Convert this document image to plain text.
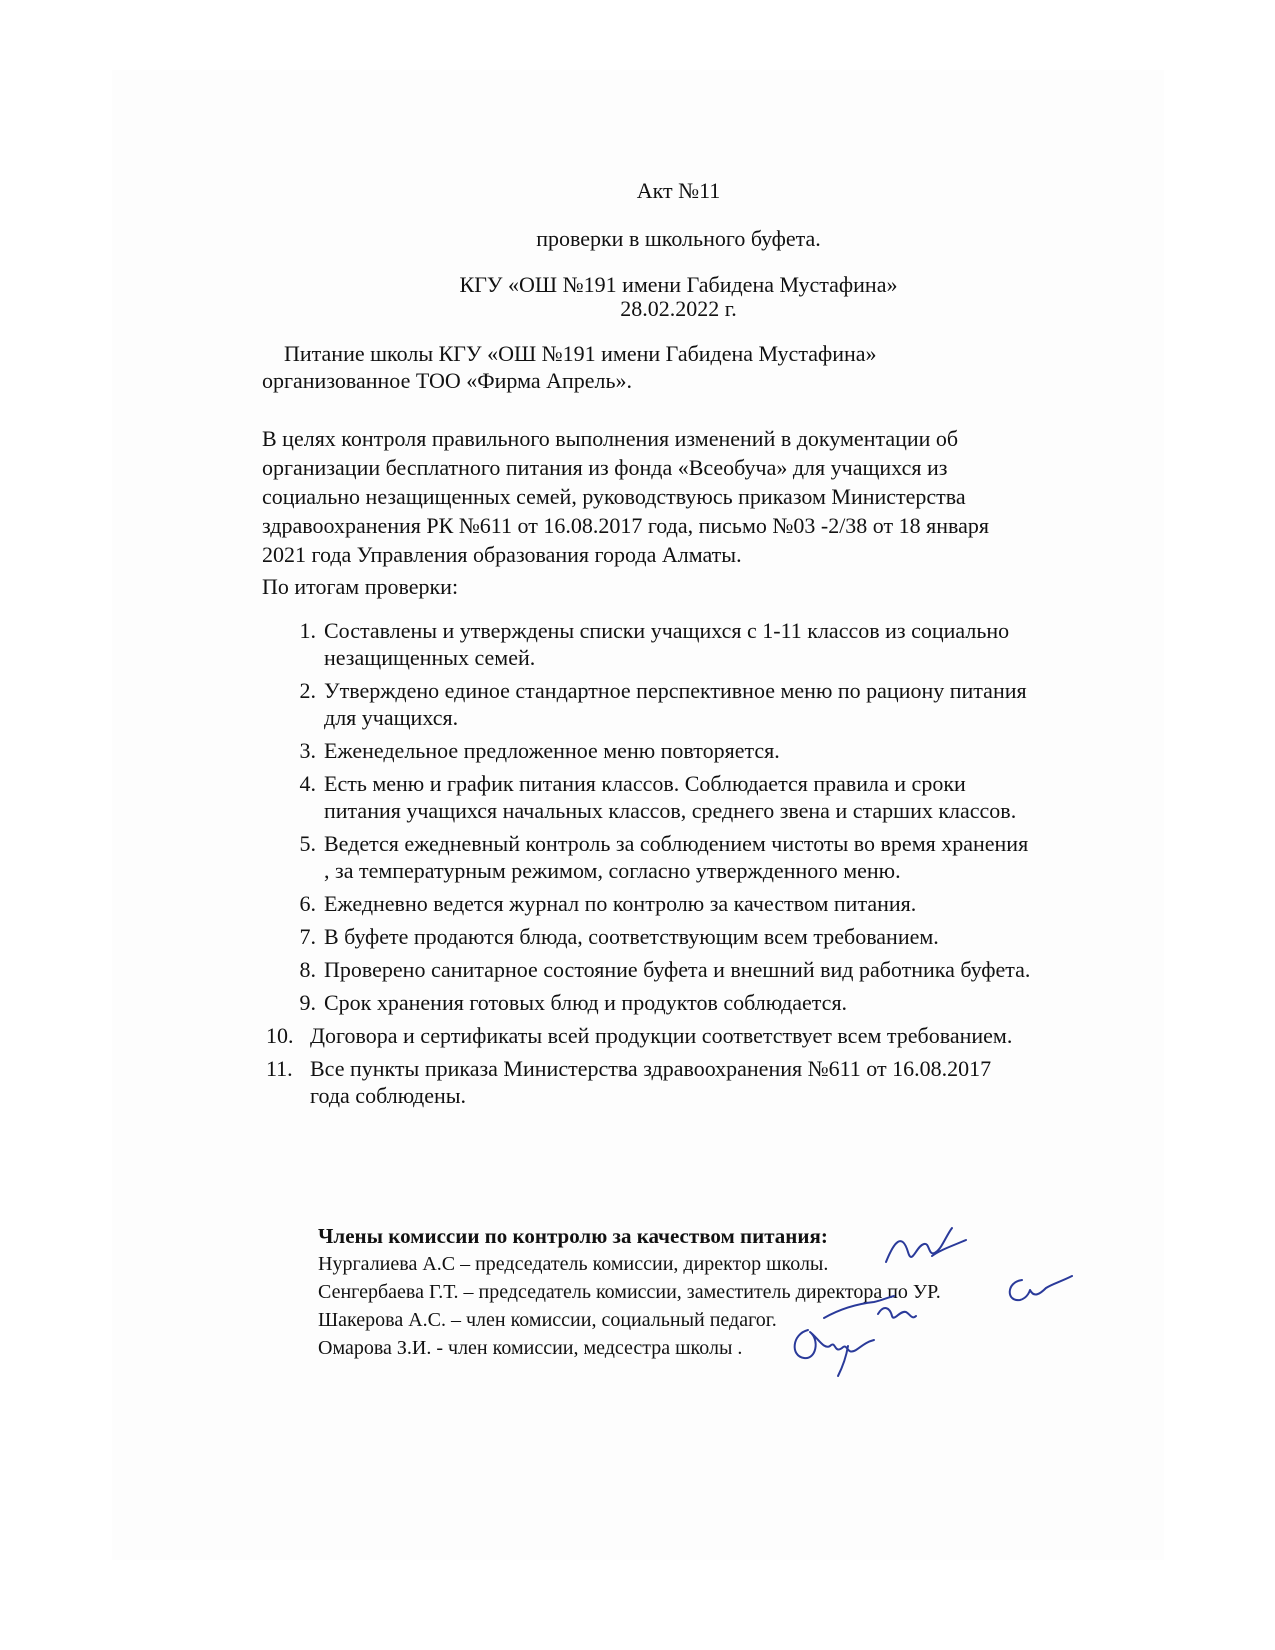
Акт №11
проверки в школьного буфета.
КГУ «ОШ №191 имени Габидена Мустафина»
28.02.2022 г.
Питание школы КГУ «ОШ №191 имени Габидена Мустафина»
организованное ТОО «Фирма Апрель».
В целях контроля правильного выполнения изменений в документации об
организации бесплатного питания из фонда «Всеобуча» для учащихся из
социально незащищенных семей, руководствуюсь приказом Министерства
здравоохранения РК №611 от 16.08.2017 года, письмо №03 -2/38 от 18 января
2021 года Управления образования города Алматы.
По итогам проверки:
1. Составлены и утверждены списки учащихся с 1-11 классов из социально незащищенных семей.
2. Утверждено единое стандартное перспективное меню по рациону питания для учащихся.
3. Еженедельное предложенное меню повторяется.
4. Есть меню и график питания классов. Соблюдается правила и сроки питания учащихся начальных классов, среднего звена и старших классов.
5. Ведется ежедневный контроль за соблюдением чистоты во время хранения , за температурным режимом, согласно утвержденного меню.
6. Ежедневно ведется журнал по контролю за качеством питания.
7. В буфете продаются блюда, соответствующим всем требованием.
8. Проверено санитарное состояние буфета и внешний вид работника буфета.
9. Срок хранения готовых блюд и продуктов соблюдается.
10. Договора и сертификаты всей продукции соответствует всем требованием.
11. Все пункты приказа Министерства здравоохранения №611 от 16.08.2017 года соблюдены.
Члены комиссии по контролю за качеством питания:
Нургалиева А.С – председатель комиссии, директор школы.
Сенгербаева Г.Т. – председатель комиссии, заместитель директора по УР.
Шакерова А.С. – член комиссии, социальный педагог.
Омарова З.И. - член комиссии, медсестра школы .
